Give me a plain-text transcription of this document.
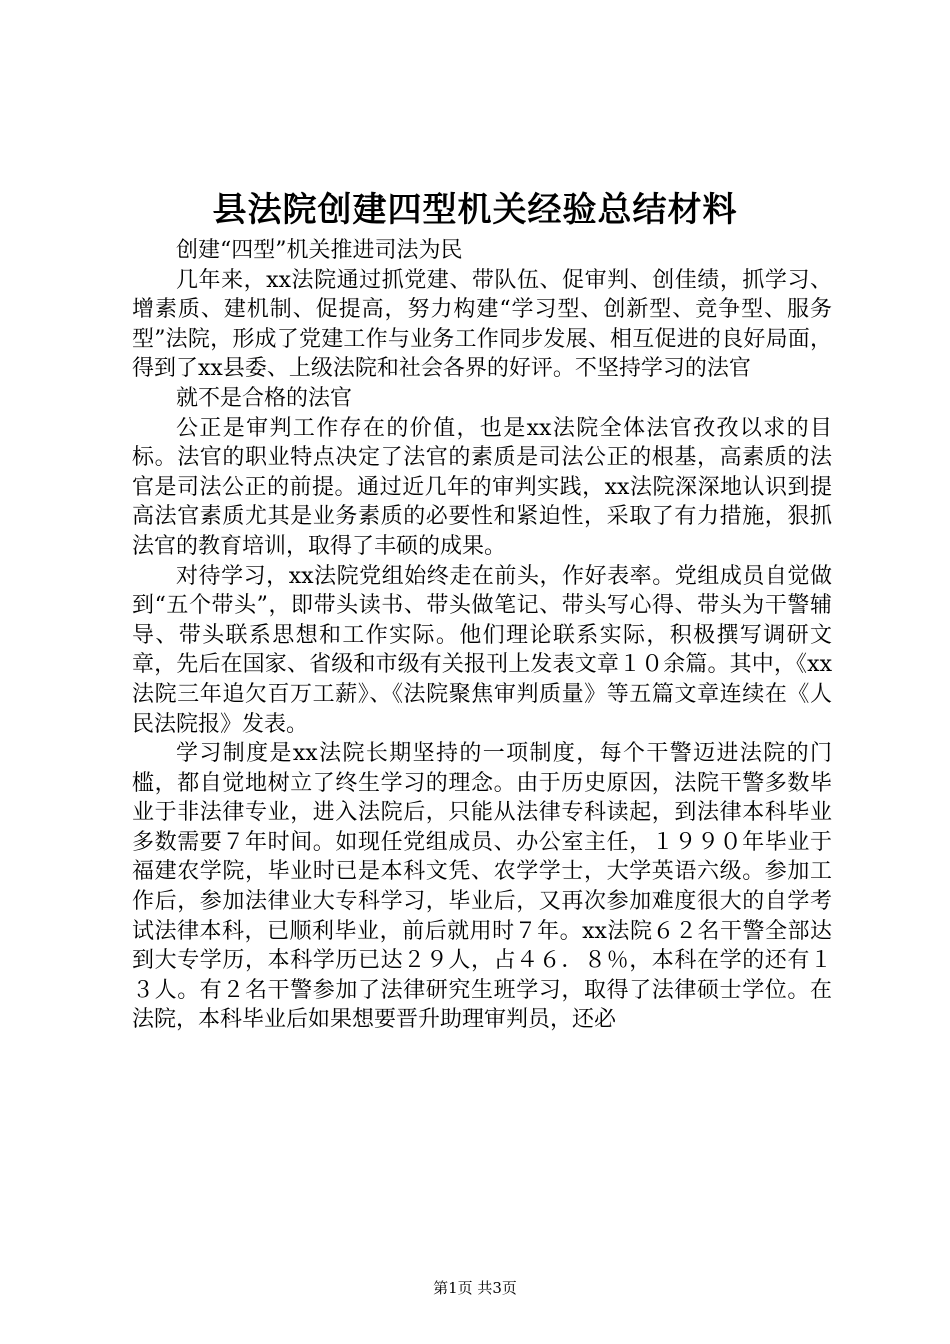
县法院创建四型机关经验总结材料

创建“四型”机关推进司法为民

几年来，xx法院通过抓党建、带队伍、促审判、创佳绩，抓学习、增素质、建机制、促提高，努力构建“学习型、创新型、竞争型、服务型”法院，形成了党建工作与业务工作同步发展、相互促进的良好局面，得到了xx县委、上级法院和社会各界的好评。不坚持学习的法官

就不是合格的法官

公正是审判工作存在的价值，也是xx法院全体法官孜孜以求的目标。法官的职业特点决定了法官的素质是司法公正的根基，高素质的法官是司法公正的前提。通过近几年的审判实践，xx法院深深地认识到提高法官素质尤其是业务素质的必要性和紧迫性，采取了有力措施，狠抓法官的教育培训，取得了丰硕的成果。

对待学习，xx法院党组始终走在前头，作好表率。党组成员自觉做到“五个带头”，即带头读书、带头做笔记、带头写心得、带头为干警辅导、带头联系思想和工作实际。他们理论联系实际，积极撰写调研文章，先后在国家、省级和市级有关报刊上发表文章１０余篇。其中，《xx法院三年追欠百万工薪》、《法院聚焦审判质量》等五篇文章连续在《人民法院报》发表。

学习制度是xx法院长期坚持的一项制度，每个干警迈进法院的门槛，都自觉地树立了终生学习的理念。由于历史原因，法院干警多数毕业于非法律专业，进入法院后，只能从法律专科读起，到法律本科毕业多数需要７年时间。如现任党组成员、办公室主任，１９９０年毕业于福建农学院，毕业时已是本科文凭、农学学士，大学英语六级。参加工作后，参加法律业大专科学习，毕业后，又再次参加难度很大的自学考试法律本科，已顺利毕业，前后就用时７年。xx法院６２名干警全部达到大专学历，本科学历已达２９人，占４６．８％，本科在学的还有１３人。有２名干警参加了法律研究生班学习，取得了法律硕士学位。在法院，本科毕业后如果想要晋升助理审判员，还必

第1页 共3页
